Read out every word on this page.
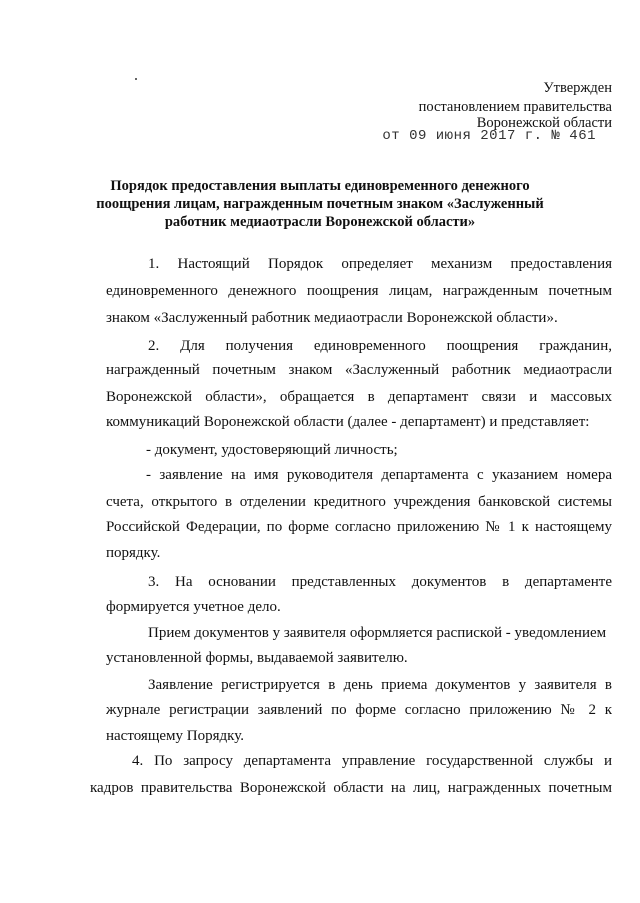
Утвержден
постановлением правительства
Воронежской области
от 09 июня 2017 г. № 461
Порядок предоставления выплаты единовременного денежного
поощрения лицам, награжденным почетным знаком «Заслуженный
работник медиаотрасли Воронежской области»
1. Настоящий Порядок определяет механизм предоставления
единовременного денежного поощрения лицам, награжденным почетным
знаком «Заслуженный работник медиаотрасли Воронежской области».
2. Для получения единовременного поощрения гражданин,
награжденный почетным знаком «Заслуженный работник медиаотрасли
Воронежской области», обращается в департамент связи и массовых
коммуникаций Воронежской области (далее - департамент) и представляет:
- документ, удостоверяющий личность;
- заявление на имя руководителя департамента с указанием номера
счета, открытого в отделении кредитного учреждения банковской системы
Российской Федерации, по форме согласно приложению № 1 к настоящему
порядку.
3. На основании представленных документов в департаменте
формируется учетное дело.
Прием документов у заявителя оформляется распиской - уведомлением
установленной формы, выдаваемой заявителю.
Заявление регистрируется в день приема документов у заявителя в
журнале регистрации заявлений по форме согласно приложению № 2 к
настоящему Порядку.
4. По запросу департамента управление государственной службы и
кадров правительства Воронежской области на лиц, награжденных почетным
